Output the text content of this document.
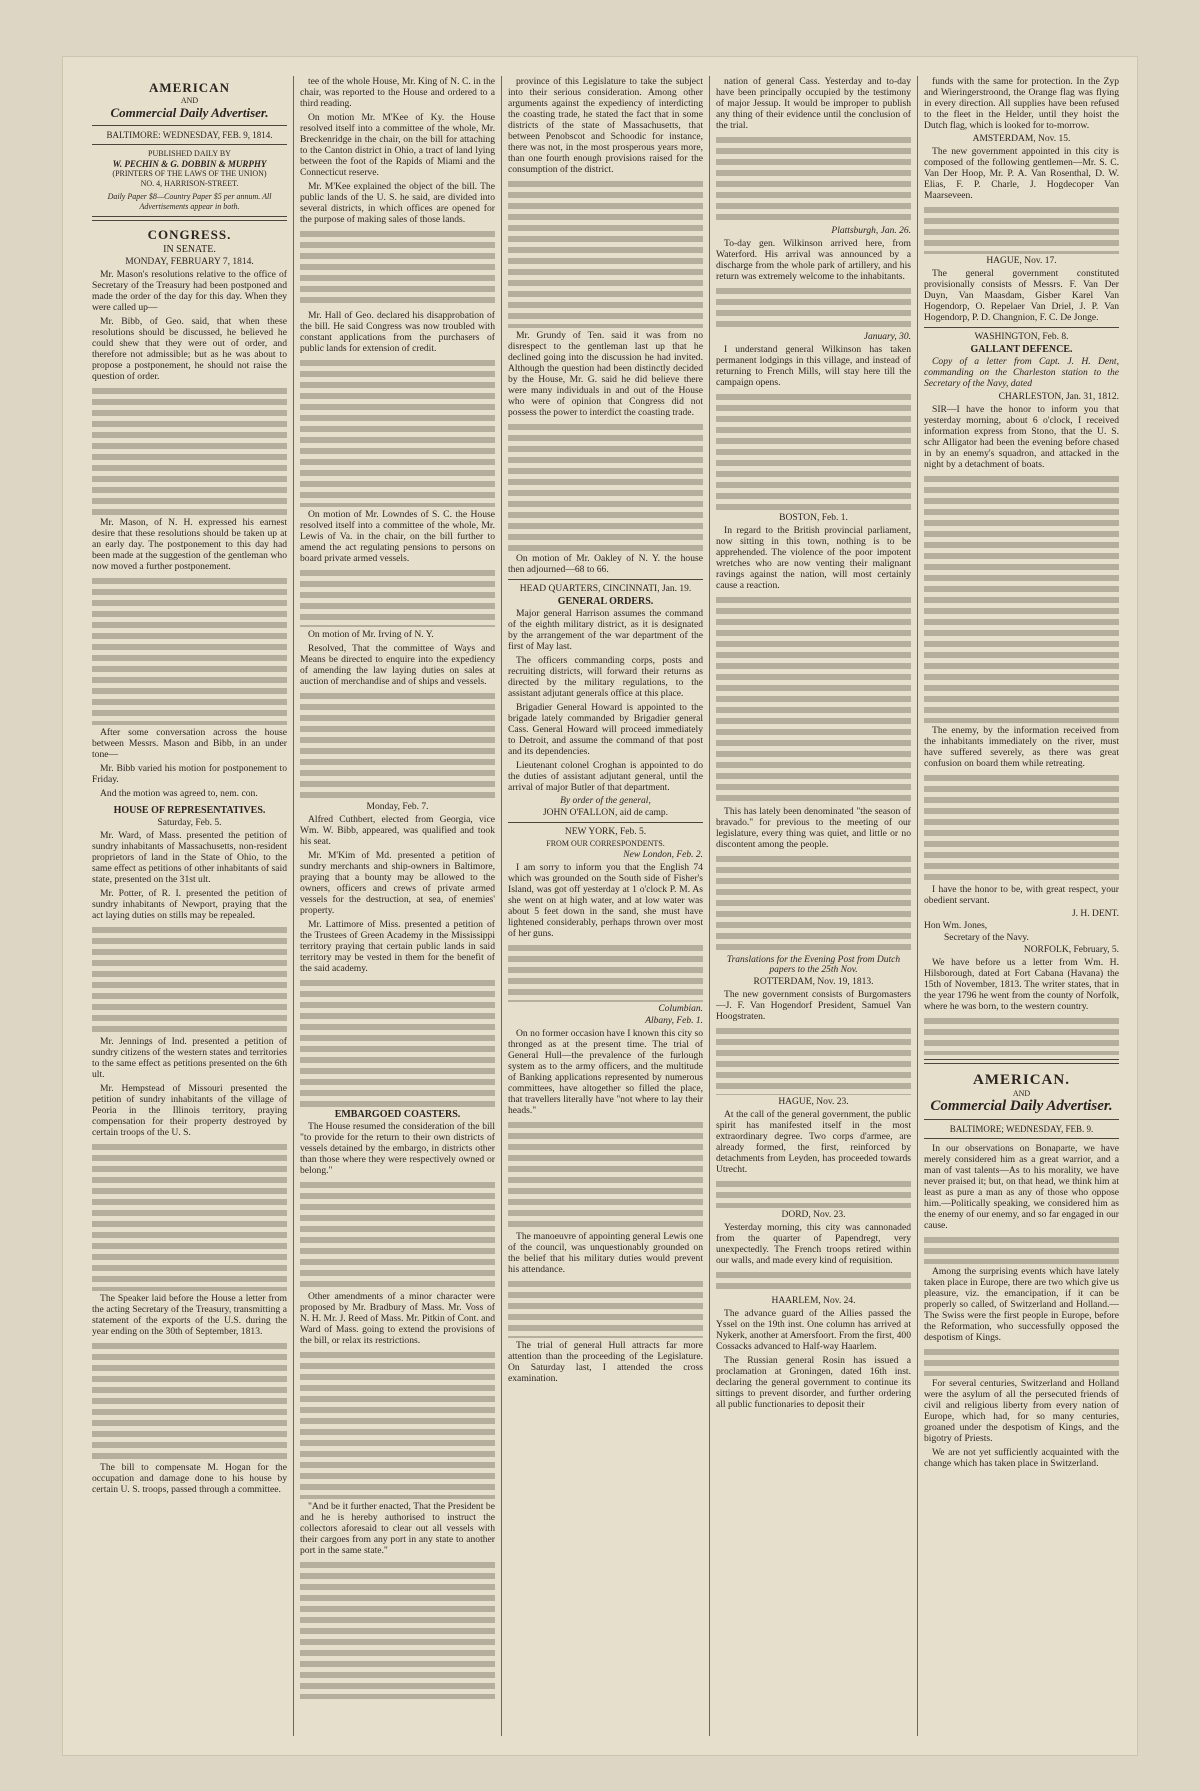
AMERICAN
AND
Commercial Daily Advertiser.
BALTIMORE: WEDNESDAY, FEB. 9, 1814.
PUBLISHED DAILY BY
W. PECHIN & G. DOBBIN & MURPHY
(PRINTERS OF THE LAWS OF THE UNION)
NO. 4, HARRISON-STREET.
Daily Paper $8—Country Paper $5 per annum. All Advertisements appear in both.
CONGRESS.
IN SENATE.
MONDAY, FEBRUARY 7, 1814.

Mr. Mason's resolutions relative to the office of Secretary of the Treasury had been postponed and made the order of the day for this day. When they were called up—

Mr. Bibb, of Geo. said, that when these resolutions should be discussed, he believed he could shew that they were out of order, and therefore not admissible; but as he was about to propose a postponement, he should not raise the question of order.

Mr. Mason, of N. H. expressed his earnest desire that these resolutions should be taken up at an early day. The postponement to this day had been made at the suggestion of the gentleman who now moved a further postponement.

After some conversation across the house between Messrs. Mason and Bibb, in an under tone—

Mr. Bibb varied his motion for postponement to Friday.

And the motion was agreed to, nem. con.

HOUSE OF REPRESENTATIVES.
Saturday, Feb. 5.

Mr. Ward, of Mass. presented the petition of sundry inhabitants of Massachusetts, non-resident proprietors of land in the State of Ohio, to the same effect as petitions of other inhabitants of said state, presented on the 31st ult.

Mr. Potter, of R. I. presented the petition of sundry inhabitants of Newport, praying that the act laying duties on stills may be repealed.

Mr. Jennings of Ind. presented a petition of sundry citizens of the western states and territories to the same effect as petitions presented on the 6th ult.

Mr. Hempstead of Missouri presented the petition of sundry inhabitants of the village of Peoria in the Illinois territory, praying compensation for their property destroyed by certain troops of the U. S.

The Speaker laid before the House a letter from the acting Secretary of the Treasury, transmitting a statement of the exports of the U.S. during the year ending on the 30th of September, 1813.

The bill to compensate M. Hogan for the occupation and damage done to his house by certain U. S. troops, passed through a committee.

tee of the whole House, Mr. King of N. C. in the chair, was reported to the House and ordered to a third reading.

On motion Mr. M'Kee of Ky. the House resolved itself into a committee of the whole, Mr. Breckenridge in the chair, on the bill for attaching to the Canton district in Ohio, a tract of land lying between the foot of the Rapids of Miami and the Connecticut reserve.

Mr. M'Kee explained the object of the bill. The public lands of the U. S. he said, are divided into several districts, in which offices are opened for the purpose of making sales of those lands.

Mr. Hall of Geo. declared his disapprobation of the bill. He said Congress was now troubled with constant applications from the purchasers of public lands for extension of credit.

On motion of Mr. Lowndes of S. C. the House resolved itself into a committee of the whole, Mr. Lewis of Va. in the chair, on the bill further to amend the act regulating pensions to persons on board private armed vessels.

On motion of Mr. Irving of N. Y.

Resolved, That the committee of Ways and Means be directed to enquire into the expediency of amending the law laying duties on sales at auction of merchandise and of ships and vessels.

Monday, Feb. 7.

Alfred Cuthbert, elected from Georgia, vice Wm. W. Bibb, appeared, was qualified and took his seat.

Mr. M'Kim of Md. presented a petition of sundry merchants and ship-owners in Baltimore, praying that a bounty may be allowed to the owners, officers and crews of private armed vessels for the destruction, at sea, of enemies' property.

Mr. Lattimore of Miss. presented a petition of the Trustees of Green Academy in the Mississippi territory praying that certain public lands in said territory may be vested in them for the benefit of the said academy.

EMBARGOED COASTERS.

The House resumed the consideration of the bill "to provide for the return to their own districts of vessels detained by the embargo, in districts other than those where they were respectively owned or belong."

Other amendments of a minor character were proposed by Mr. Bradbury of Mass. Mr. Voss of N. H. Mr. J. Reed of Mass. Mr. Pitkin of Cont. and Ward of Mass. going to extend the provisions of the bill, or relax its restrictions.

"And be it further enacted, That the President be and he is hereby authorised to instruct the collectors aforesaid to clear out all vessels with their cargoes from any port in any state to another port in the same state."

province of this Legislature to take the subject into their serious consideration. Among other arguments against the expediency of interdicting the coasting trade, he stated the fact that in some districts of the state of Massachusetts, that between Penobscot and Schoodic for instance, there was not, in the most prosperous years more, than one fourth enough provisions raised for the consumption of the district.

Mr. Grundy of Ten. said it was from no disrespect to the gentleman last up that he declined going into the discussion he had invited. Although the question had been distinctly decided by the House, Mr. G. said he did believe there were many individuals in and out of the House who were of opinion that Congress did not possess the power to interdict the coasting trade.

On motion of Mr. Oakley of N. Y. the house then adjourned—68 to 66.

HEAD QUARTERS, CINCINNATI, Jan. 19.
GENERAL ORDERS.

Major general Harrison assumes the command of the eighth military district, as it is designated by the arrangement of the war department of the first of May last.

The officers commanding corps, posts and recruiting districts, will forward their returns as directed by the military regulations, to the assistant adjutant generals office at this place.

Brigadier General Howard is appointed to the brigade lately commanded by Brigadier general Cass. General Howard will proceed immediately to Detroit, and assume the command of that post and its dependencies.

Lieutenant colonel Croghan is appointed to do the duties of assistant adjutant general, until the arrival of major Butler of that department.

By order of the general,
JOHN O'FALLON, aid de camp.
NEW YORK, Feb. 5.
FROM OUR CORRESPONDENTS.
New London, Feb. 2.

I am sorry to inform you that the English 74 which was grounded on the South side of Fisher's Island, was got off yesterday at 1 o'clock P. M. As she went on at high water, and at low water was about 5 feet down in the sand, she must have lightened considerably, perhaps thrown over most of her guns.

Columbian.
Albany, Feb. 1.

On no former occasion have I known this city so thronged as at the present time. The trial of General Hull—the prevalence of the furlough system as to the army officers, and the multitude of Banking applications represented by numerous committees, have altogether so filled the place, that travellers literally have "not where to lay their heads."

The manoeuvre of appointing general Lewis one of the council, was unquestionably grounded on the belief that his military duties would prevent his attendance.

The trial of general Hull attracts far more attention than the proceeding of the Legislature. On Saturday last, I attended the cross examination.

nation of general Cass. Yesterday and to-day have been principally occupied by the testimony of major Jessup. It would be improper to publish any thing of their evidence until the conclusion of the trial.

Plattsburgh, Jan. 26.

To-day gen. Wilkinson arrived here, from Waterford. His arrival was announced by a discharge from the whole park of artillery, and his return was extremely welcome to the inhabitants.

January, 30.

I understand general Wilkinson has taken permanent lodgings in this village, and instead of returning to French Mills, will stay here till the campaign opens.

BOSTON, Feb. 1.

In regard to the British provincial parliament, now sitting in this town, nothing is to be apprehended. The violence of the poor impotent wretches who are now venting their malignant ravings against the nation, will most certainly cause a reaction.

This has lately been denominated "the season of bravado." for previous to the meeting of our legislature, every thing was quiet, and little or no discontent among the people.

Translations for the Evening Post from Dutch papers to the 25th Nov.
ROTTERDAM, Nov. 19, 1813.

The new government consists of Burgomasters—J. F. Van Hogendorf President, Samuel Van Hoogstraten.

HAGUE, Nov. 23.

At the call of the general government, the public spirit has manifested itself in the most extraordinary degree. Two corps d'armee, are already formed, the first, reinforced by detachments from Leyden, has proceeded towards Utrecht.

DORD, Nov. 23.

Yesterday morning, this city was cannonaded from the quarter of Papendregt, very unexpectedly. The French troops retired within our walls, and made every kind of requisition.

HAARLEM, Nov. 24.

The advance guard of the Allies passed the Yssel on the 19th inst. One column has arrived at Nykerk, another at Amersfoort. From the first, 400 Cossacks advanced to Half-way Haarlem.

The Russian general Rosin has issued a proclamation at Groningen, dated 16th inst. declaring the general government to continue its sittings to prevent disorder, and further ordering all public functionaries to deposit their

funds with the same for protection. In the Zyp and Wieringerstroond, the Orange flag was flying in every direction. All supplies have been refused to the fleet in the Helder, until they hoist the Dutch flag, which is looked for to-morrow.

AMSTERDAM, Nov. 15.

The new government appointed in this city is composed of the following gentlemen—Mr. S. C. Van Der Hoop, Mr. P. A. Van Rosenthal, D. W. Elias, F. P. Charle, J. Hogdecoper Van Maarseveen.

HAGUE, Nov. 17.

The general government constituted provisionally consists of Messrs. F. Van Der Duyn, Van Maasdam, Gisber Karel Van Hogendorp, O. Repelaer Van Driel, J. P. Van Hogendorp, P. D. Changnion, F. C. De Jonge.

WASHINGTON, Feb. 8.
GALLANT DEFENCE.

Copy of a letter from Capt. J. H. Dent, commanding on the Charleston station to the Secretary of the Navy, dated

CHARLESTON, Jan. 31, 1812.

SIR—I have the honor to inform you that yesterday morning, about 6 o'clock, I received information express from Stono, that the U. S. schr Alligator had been the evening before chased in by an enemy's squadron, and attacked in the night by a detachment of boats.

The enemy, by the information received from the inhabitants immediately on the river, must have suffered severely, as there was great confusion on board them while retreating.

I have the honor to be, with great respect, your obedient servant.

J. H. DENT.
Hon Wm. Jones,
Secretary of the Navy.
NORFOLK, February, 5.

We have before us a letter from Wm. H. Hilsborough, dated at Fort Cabana (Havana) the 15th of November, 1813. The writer states, that in the year 1796 he went from the county of Norfolk, where he was born, to the western country.

AMERICAN.
AND
Commercial Daily Advertiser.
BALTIMORE; WEDNESDAY, FEB. 9.

In our observations on Bonaparte, we have merely considered him as a great warrior, and a man of vast talents—As to his morality, we have never praised it; but, on that head, we think him at least as pure a man as any of those who oppose him.—Politically speaking, we considered him as the enemy of our enemy, and so far engaged in our cause.

Among the surprising events which have lately taken place in Europe, there are two which give us pleasure, viz. the emancipation, if it can be properly so called, of Switzerland and Holland.—The Swiss were the first people in Europe, before the Reformation, who successfully opposed the despotism of Kings.

For several centuries, Switzerland and Holland were the asylum of all the persecuted friends of civil and religious liberty from every nation of Europe, which had, for so many centuries, groaned under the despotism of Kings, and the bigotry of Priests.

We are not yet sufficiently acquainted with the change which has taken place in Switzerland.
